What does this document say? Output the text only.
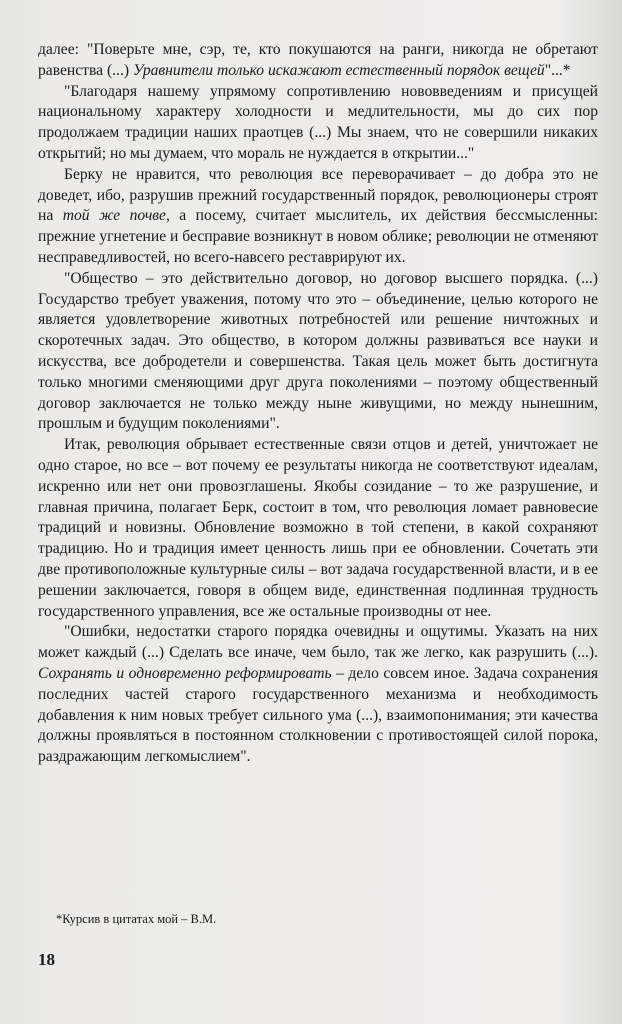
далее: "Поверьте мне, сэр, те, кто покушаются на ранги, никогда не обретают равенства (...) Уравнители только искажают естественный порядок вещей"...*

"Благодаря нашему упрямому сопротивлению нововведениям и присущей национальному характеру холодности и медлительности, мы до сих пор продолжаем традиции наших праотцев (...) Мы знаем, что не совершили никаких открытий; но мы думаем, что мораль не нуждается в открытии..."

Берку не нравится, что революция все переворачивает – до добра это не доведет, ибо, разрушив прежний государственный порядок, революционеры строят на той же почве, а посему, считает мыслитель, их действия бессмысленны: прежние угнетение и бесправие возникнут в новом облике; революции не отменяют несправедливостей, но всего-навсего реставрируют их.

"Общество – это действительно договор, но договор высшего порядка. (...) Государство требует уважения, потому что это – объединение, целью которого не является удовлетворение животных потребностей или решение ничтожных и скоротечных задач. Это общество, в котором должны развиваться все науки и искусства, все добродетели и совершенства. Такая цель может быть достигнута только многими сменяющими друг друга поколениями – поэтому общественный договор заключается не только между ныне живущими, но между нынешним, прошлым и будущим поколениями".

Итак, революция обрывает естественные связи отцов и детей, уничтожает не одно старое, но все – вот почему ее результаты никогда не соответствуют идеалам, искренно или нет они провозглашены. Якобы созидание – то же разрушение, и главная причина, полагает Берк, состоит в том, что революция ломает равновесие традиций и новизны. Обновление возможно в той степени, в какой сохраняют традицию. Но и традиция имеет ценность лишь при ее обновлении. Сочетать эти две противоположные культурные силы – вот задача государственной власти, и в ее решении заключается, говоря в общем виде, единственная подлинная трудность государственного управления, все же остальные производны от нее.

"Ошибки, недостатки старого порядка очевидны и ощутимы. Указать на них может каждый (...) Сделать все иначе, чем было, так же легко, как разрушить (...). Сохранять и одновременно реформировать – дело совсем иное. Задача сохранения последних частей старого государственного механизма и необходимость добавления к ним новых требует сильного ума (...), взаимопонимания; эти качества должны проявляться в постоянном столкновении с противостоящей силой порока, раздражающим легкомыслием".

*Курсив в цитатах мой – В.М.
18
